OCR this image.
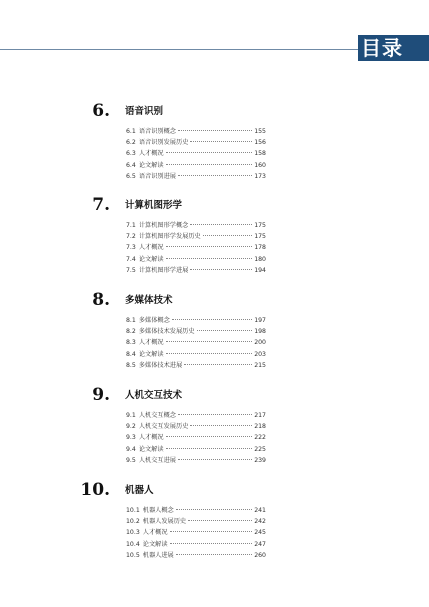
目录
6. 语音识别
6.1 语音识别概念	155
6.2 语音识别发展历史	156
6.3 人才概况	158
6.4 论文解读	160
6.5 语音识别进展	173
7. 计算机图形学
7.1 计算机图形学概念	175
7.2 计算机图形学发展历史	175
7.3 人才概况	178
7.4 论文解读	180
7.5 计算机图形学进展	194
8. 多媒体技术
8.1 多媒体概念	197
8.2 多媒体技术发展历史	198
8.3 人才概况	200
8.4 论文解读	203
8.5 多媒体技术进展	215
9. 人机交互技术
9.1 人机交互概念	217
9.2 人机交互发展历史	218
9.3 人才概况	222
9.4 论文解读	225
9.5 人机交互进展	239
10. 机器人
10.1 机器人概念	241
10.2 机器人发展历史	242
10.3 人才概况	245
10.4 论文解读	247
10.5 机器人进展	260
